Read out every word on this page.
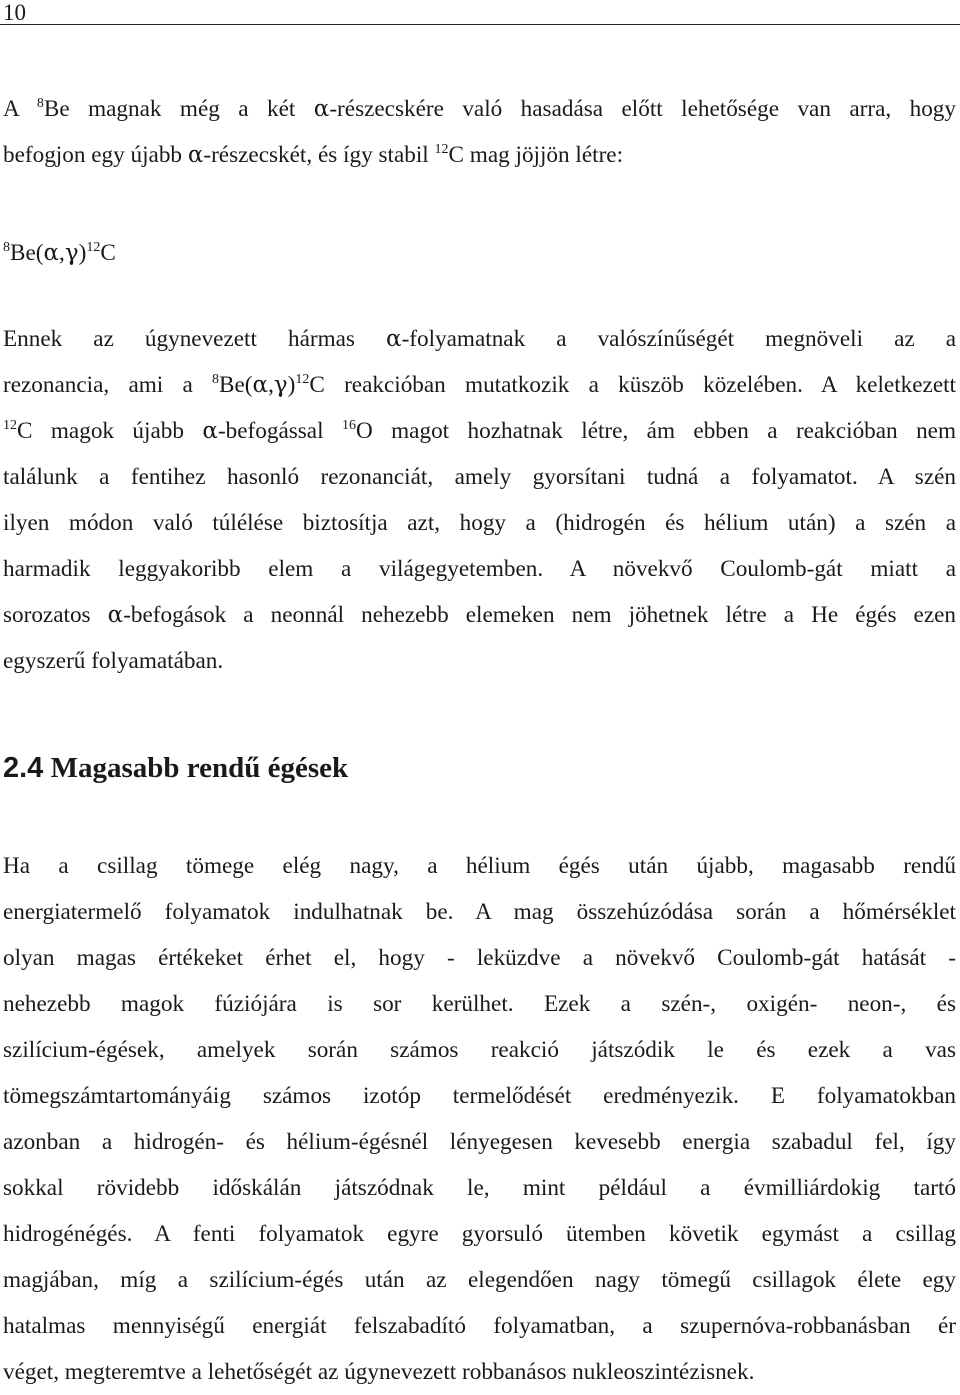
10
A $^8$Be magnak még a két α-részecskére való hasadása előtt lehetősége van arra, hogy
befogjon egy újabb α-részecskét, és így stabil $^{12}$C mag jöjjön létre:
$^8Be(\alpha,\gamma)^{12}C$
Ennek az úgynevezett hármas α-folyamatnak a valószínűségét megnöveli az a
rezonancia, ami a $^8Be(\alpha,\gamma)^{12}C$ reakcióban mutatkozik a küszöb közelében. A keletkezett
$^{12}$C magok újabb α-befogással $^{16}$O magot hozhatnak létre, ám ebben a reakcióban nem
találunk a fentihez hasonló rezonanciát, amely gyorsítani tudná a folyamatot. A szén
ilyen módon való túlélése biztosítja azt, hogy a (hidrogén és hélium után) a szén a
harmadik leggyakoribb elem a világegyetemben. A növekvő Coulomb-gát miatt a
sorozatos α-befogások a neonnál nehezebb elemeken nem jöhetnek létre a He égés ezen
egyszerű folyamatában.
2.4 Magasabb rendű égések
Ha a csillag tömege elég nagy, a hélium égés után újabb, magasabb rendű
energiatermelő folyamatok indulhatnak be. A mag összehúzódása során a hőmérséklet
olyan magas értékeket érhet el, hogy - leküzdve a növekvő Coulomb-gát hatását -
nehezebb magok fúziójára is sor kerülhet. Ezek a szén-, oxigén- neon-, és
szilícium-égések, amelyek során számos reakció játszódik le és ezek a vas
tömegszámtartományáig számos izotóp termelődését eredményezik. E folyamatokban
azonban a hidrogén- és hélium-égésnél lényegesen kevesebb energia szabadul fel, így
sokkal rövidebb időskálán játszódnak le, mint például a évmilliárdokig tartó
hidrogénégés. A fenti folyamatok egyre gyorsuló ütemben követik egymást a csillag
magjában, míg a szilícium-égés után az elegendően nagy tömegű csillagok élete egy
hatalmas mennyiségű energiát felszabadító folyamatban, a szupernóva-robbanásban ér
véget, megteremtve a lehetőségét az úgynevezett robbanásos nukleoszintézisnek.
